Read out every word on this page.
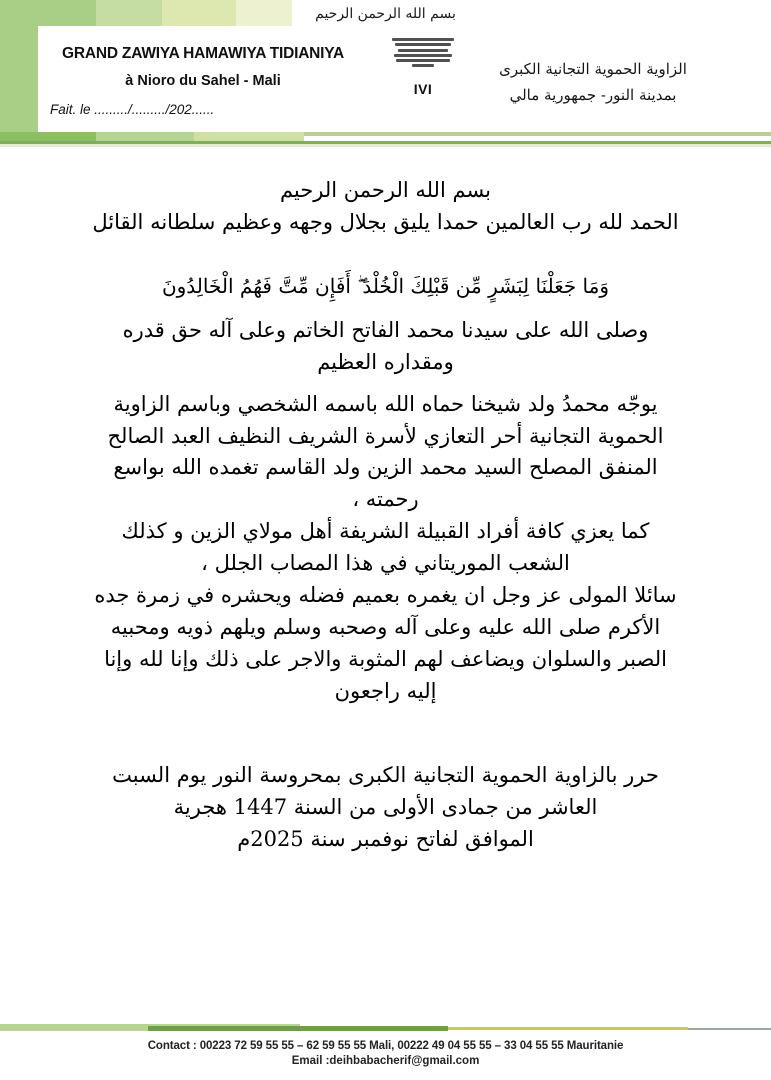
بسم الله الرحمن الرحيم
GRAND ZAWIYA HAMAWIYA TIDIANIYA
à Nioro du Sahel - Mali
Fait. le ........./........./202......
IVI
الزاوية الحموية التجانية الكبرى
بمدينة النور- جمهورية مالي
بسم الله الرحمن الرحيم
الحمد لله رب العالمين حمدا يليق بجلال وجهه وعظيم سلطانه القائل
وَمَا جَعَلْنَا لِبَشَرٍ مِّن قَبْلِكَ الْخُلْدَ ۖ أَفَإِن مِّتَّ فَهُمُ الْخَالِدُونَ
وصلى الله على سيدنا محمد الفاتح الخاتم وعلى آله حق قدره
ومقداره العظيم
يوجّه محمدُ ولد شيخنا حماه الله باسمه الشخصي وباسم الزاوية
الحموية التجانية أحر التعازي لأسرة الشريف النظيف العبد الصالح
المنفق المصلح السيد محمد الزين ولد القاسم تغمده الله بواسع
رحمته ،
كما يعزي كافة أفراد القبيلة الشريفة أهل مولاي الزين و كذلك
الشعب الموريتاني في هذا المصاب الجلل ،
سائلا المولى عز وجل ان يغمره بعميم فضله ويحشره في زمرة جده
الأكرم صلى الله عليه وعلى آله وصحبه وسلم ويلهم ذويه ومحبيه
الصبر والسلوان ويضاعف لهم المثوبة والاجر على ذلك وإنا لله وإنا
إليه راجعون
حرر بالزاوية الحموية التجانية الكبرى بمحروسة النور يوم السبت
العاشر من جمادى الأولى من السنة 1447 هجرية
الموافق لفاتح نوفمبر سنة 2025م
Contact : 00223 72 59 55 55 – 62 59 55 55 Mali, 00222 49 04 55 55 – 33 04 55 55 Mauritanie
Email :deihbabacherif@gmail.com
